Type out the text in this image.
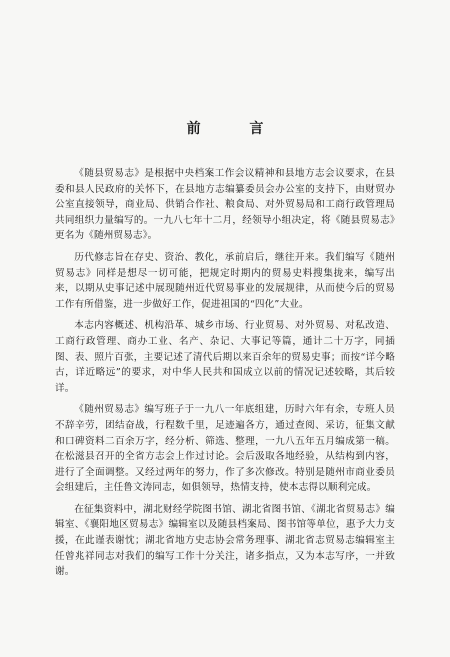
前 言

《随县贸易志》是根据中央档案工作会议精神和县地方志会议要求，在县委和县人民政府的关怀下，在县地方志编纂委员会办公室的支持下，由财贸办公室直接领导，商业局、供销合作社、粮食局、对外贸易局和工商行政管理局共同组织力量编写的。一九八七年十二月，经领导小组决定，将《随县贸易志》更名为《随州贸易志》。

历代修志旨在存史、资治、教化，承前启后，继往开来。我们编写《随州贸易志》同样是想尽一切可能，把规定时期内的贸易史料搜集拢来，编写出来，以期从史事记述中展现随州近代贸易事业的发展规律，从而使今后的贸易工作有所借鉴，进一步做好工作，促进祖国的“四化”大业。

本志内容概述、机构沿革、城乡市场、行业贸易、对外贸易、对私改造、工商行政管理、商办工业、名产、杂记、大事记等篇，通计二十万字，同插图、表、照片百张，主要记述了清代后期以来百余年的贸易史事；而按“详今略古，详近略远”的要求，对中华人民共和国成立以前的情况记述较略，其后较详。

《随州贸易志》编写班子于一九八一年底组建，历时六年有余，专班人员不辞辛劳，团结奋战，行程数千里，足迹遍各方，通过查阅、采访，征集文献和口碑资料二百余万字，经分析、筛选、整理，一九八五年五月编成第一稿。在松滋县召开的全省方志会上作过讨论。会后汲取各地经验，从结构到内容，进行了全面调整。又经过两年的努力，作了多次修改。特别是随州市商业委员会组建后，主任鲁文涛同志，如俱领导，热情支持，使本志得以顺利完成。

在征集资料中，湖北财经学院图书馆、湖北省图书馆、《湖北省贸易志》编辑室、《襄阳地区贸易志》编辑室以及随县档案局、图书馆等单位，惠予大力支援，在此谨表谢忱；湖北省地方史志协会常务理事、湖北省志贸易志编辑室主任曾兆祥同志对我们的编写工作十分关注，诸多指点，又为本志写序，一并致谢。
